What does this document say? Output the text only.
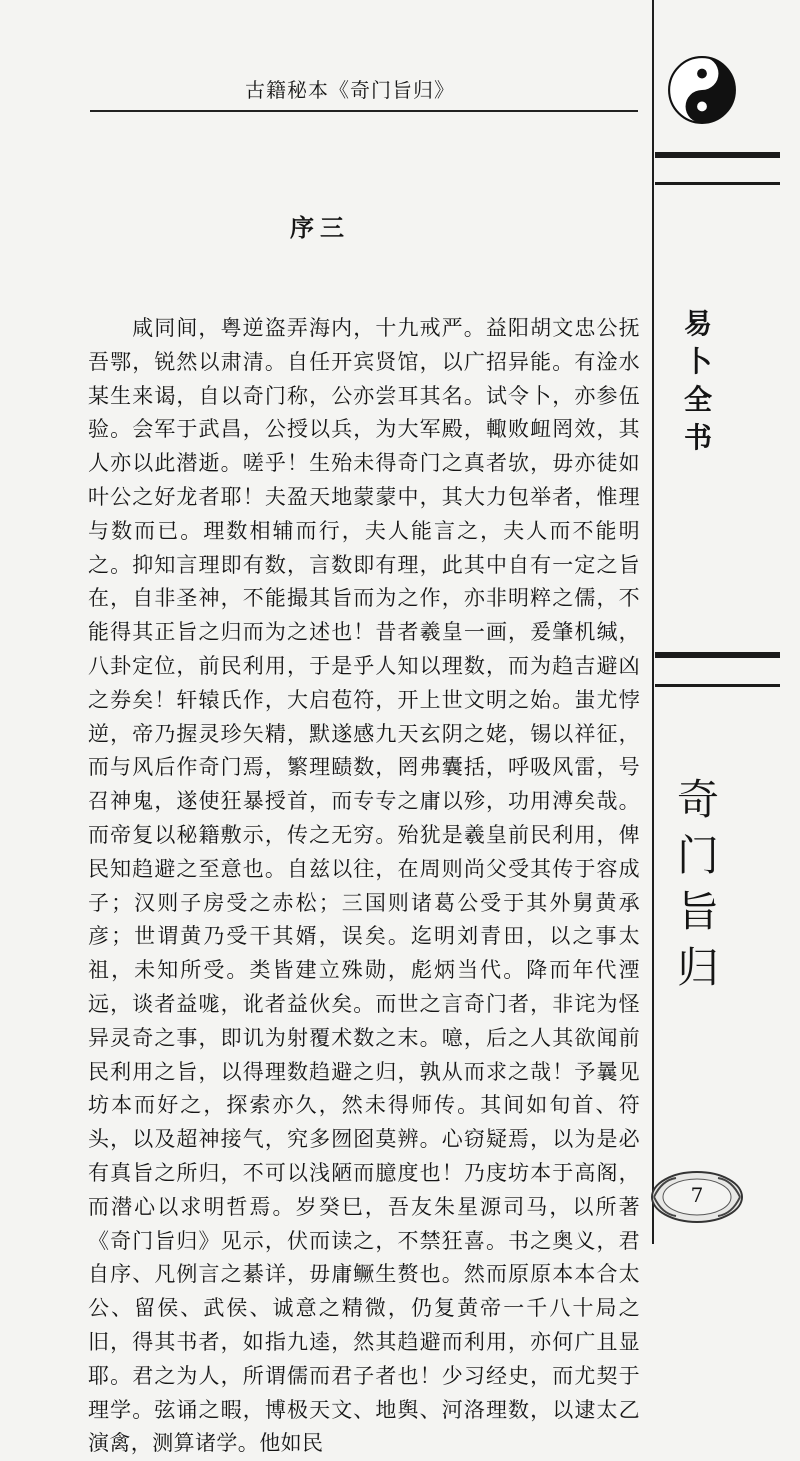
古籍秘本《奇门旨归》
序三

咸同间，粤逆盗弄海内，十九戒严。益阳胡文忠公抚吾鄂，锐然以肃清。自任开宾贤馆，以广招异能。有淦水某生来谒，自以奇门称，公亦尝耳其名。试令卜，亦参伍验。会军于武昌，公授以兵，为大军殿，輙败衄罔效，其人亦以此潜逝。嗟乎！生殆未得奇门之真者欤，毋亦徒如叶公之好龙者耶！夫盈天地蒙蒙中，其大力包举者，惟理与数而已。理数相辅而行，夫人能言之，夫人而不能明之。抑知言理即有数，言数即有理，此其中自有一定之旨在，自非圣神，不能撮其旨而为之作，亦非明粹之儒，不能得其正旨之归而为之述也！昔者羲皇一画，爰肇机缄，八卦定位，前民利用，于是乎人知以理数，而为趋吉避凶之券矣！轩辕氏作，大启苞符，开上世文明之始。蚩尤悖逆，帝乃握灵珍矢精，默遂感九天玄阴之姥，锡以祥征，而与风后作奇门焉，繁理赜数，罔弗囊括，呼吸风雷，号召神鬼，遂使狂暴授首，而专专之庸以殄，功用溥矣哉。而帝复以秘籍敷示，传之无穷。殆犹是羲皇前民利用，俾民知趋避之至意也。自兹以往，在周则尚父受其传于容成子；汉则子房受之赤松；三国则诸葛公受于其外舅黄承彦；世谓黄乃受干其婿，误矣。迄明刘青田，以之事太祖，未知所受。类皆建立殊勋，彪炳当代。降而年代湮远，谈者益哤，讹者益伙矣。而世之言奇门者，非诧为怪异灵奇之事，即讥为射覆术数之末。噫，后之人其欲闻前民利用之旨，以得理数趋避之归，孰从而求之哉！予曩见坊本而好之，探索亦久，然未得师传。其间如旬首、符头，以及超神接气，究多囫囵莫辨。心窃疑焉，以为是必有真旨之所归，不可以浅陋而臆度也！乃庋坊本于高阁，而潜心以求明哲焉。岁癸巳，吾友朱星源司马，以所著《奇门旨归》见示，伏而读之，不禁狂喜。书之奥义，君自序、凡例言之綦详，毋庸鳜生赘也。然而原原本本合太公、留侯、武侯、诚意之精微，仍复黄帝一千八十局之旧，得其书者，如指九逵，然其趋避而利用，亦何广且显耶。君之为人，所谓儒而君子者也！少习经史，而尤契于理学。弦诵之暇，博极天文、地舆、河洛理数，以逮太乙演禽，测算诸学。他如民

易
卜
全
书
奇
门
旨
归
7
